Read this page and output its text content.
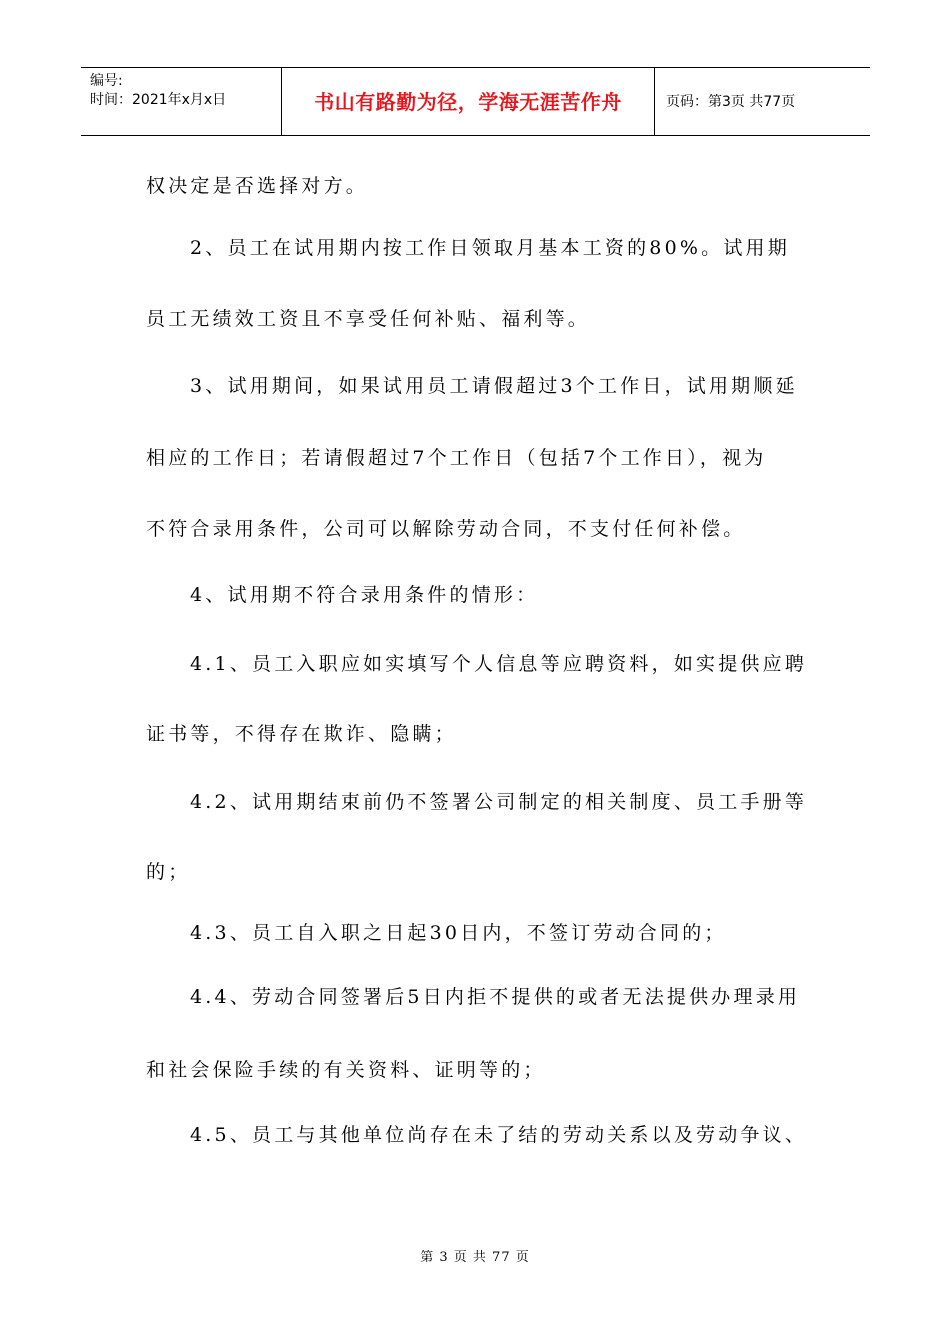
编号:
时间：2021年x月x日	书山有路勤为径，学海无涯苦作舟	页码：第3页 共77页

权决定是否选择对方。

2、员工在试用期内按工作日领取月基本工资的80%。试用期

员工无绩效工资且不享受任何补贴、福利等。

3、试用期间，如果试用员工请假超过3个工作日，试用期顺延

相应的工作日；若请假超过7个工作日（包括7个工作日），视为

不符合录用条件，公司可以解除劳动合同，不支付任何补偿。

4、试用期不符合录用条件的情形：

4.1、员工入职应如实填写个人信息等应聘资料，如实提供应聘

证书等，不得存在欺诈、隐瞒；

4.2、试用期结束前仍不签署公司制定的相关制度、员工手册等

的；

4.3、员工自入职之日起30日内，不签订劳动合同的；

4.4、劳动合同签署后5日内拒不提供的或者无法提供办理录用

和社会保险手续的有关资料、证明等的；

4.5、员工与其他单位尚存在未了结的劳动关系以及劳动争议、

第 3 页 共 77 页
